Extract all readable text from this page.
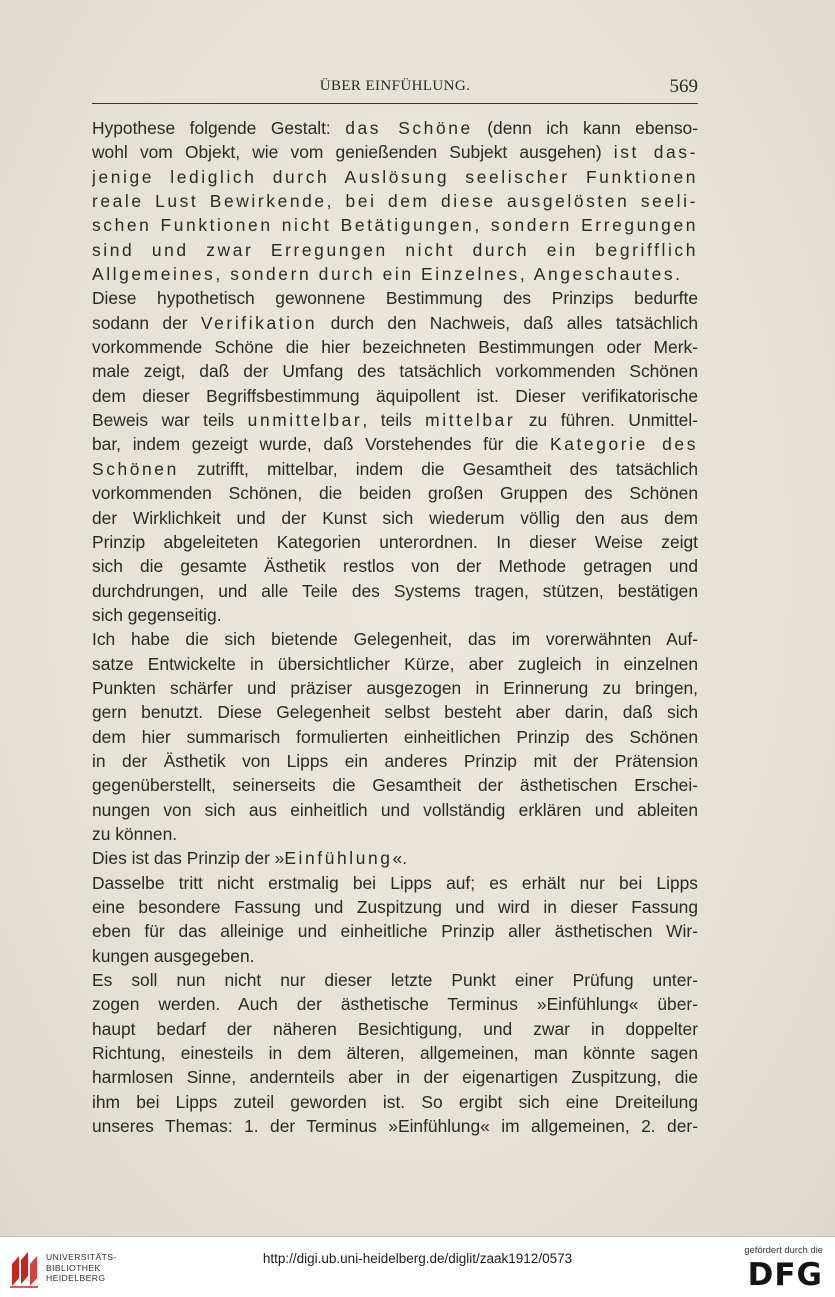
ÜBER EINFÜHLUNG.	569
Hypothese folgende Gestalt: das Schöne (denn ich kann ebenso-
wohl vom Objekt, wie vom genießenden Subjekt ausgehen) ist das-
jenige lediglich durch Auslösung seelischer Funktionen
reale Lust Bewirkende, bei dem diese ausgelösten seeli-
schen Funktionen nicht Betätigungen, sondern Erregungen
sind und zwar Erregungen nicht durch ein begrifflich
Allgemeines, sondern durch ein Einzelnes, Angeschautes.
Diese hypothetisch gewonnene Bestimmung des Prinzips bedurfte
sodann der Verifikation durch den Nachweis, daß alles tatsächlich
vorkommende Schöne die hier bezeichneten Bestimmungen oder Merk-
male zeigt, daß der Umfang des tatsächlich vorkommenden Schönen
dem dieser Begriffsbestimmung äquipollent ist. Dieser verifikatorische
Beweis war teils unmittelbar, teils mittelbar zu führen. Unmittel-
bar, indem gezeigt wurde, daß Vorstehendes für die Kategorie des
Schönen zutrifft, mittelbar, indem die Gesamtheit des tatsächlich
vorkommenden Schönen, die beiden großen Gruppen des Schönen
der Wirklichkeit und der Kunst sich wiederum völlig den aus dem
Prinzip abgeleiteten Kategorien unterordnen. In dieser Weise zeigt
sich die gesamte Ästhetik restlos von der Methode getragen und
durchdrungen, und alle Teile des Systems tragen, stützen, bestätigen
sich gegenseitig.
Ich habe die sich bietende Gelegenheit, das im vorerwähnten Auf-
satze Entwickelte in übersichtlicher Kürze, aber zugleich in einzelnen
Punkten schärfer und präziser ausgezogen in Erinnerung zu bringen,
gern benutzt. Diese Gelegenheit selbst besteht aber darin, daß sich
dem hier summarisch formulierten einheitlichen Prinzip des Schönen
in der Ästhetik von Lipps ein anderes Prinzip mit der Prätension
gegenüberstellt, seinerseits die Gesamtheit der ästhetischen Erschei-
nungen von sich aus einheitlich und vollständig erklären und ableiten
zu können.
Dies ist das Prinzip der »Einfühlung«.
Dasselbe tritt nicht erstmalig bei Lipps auf; es erhält nur bei Lipps
eine besondere Fassung und Zuspitzung und wird in dieser Fassung
eben für das alleinige und einheitliche Prinzip aller ästhetischen Wir-
kungen ausgegeben.
Es soll nun nicht nur dieser letzte Punkt einer Prüfung unter-
zogen werden. Auch der ästhetische Terminus »Einfühlung« über-
haupt bedarf der näheren Besichtigung, und zwar in doppelter
Richtung, einesteils in dem älteren, allgemeinen, man könnte sagen
harmlosen Sinne, andernteils aber in der eigenartigen Zuspitzung, die
ihm bei Lipps zuteil geworden ist. So ergibt sich eine Dreiteilung
unseres Themas: 1. der Terminus »Einfühlung« im allgemeinen, 2. der-
UNIVERSITÄTS-
BIBLIOTHEK
HEIDELBERG
http://digi.ub.uni-heidelberg.de/diglit/zaak1912/0573
gefördert durch die
DFG
